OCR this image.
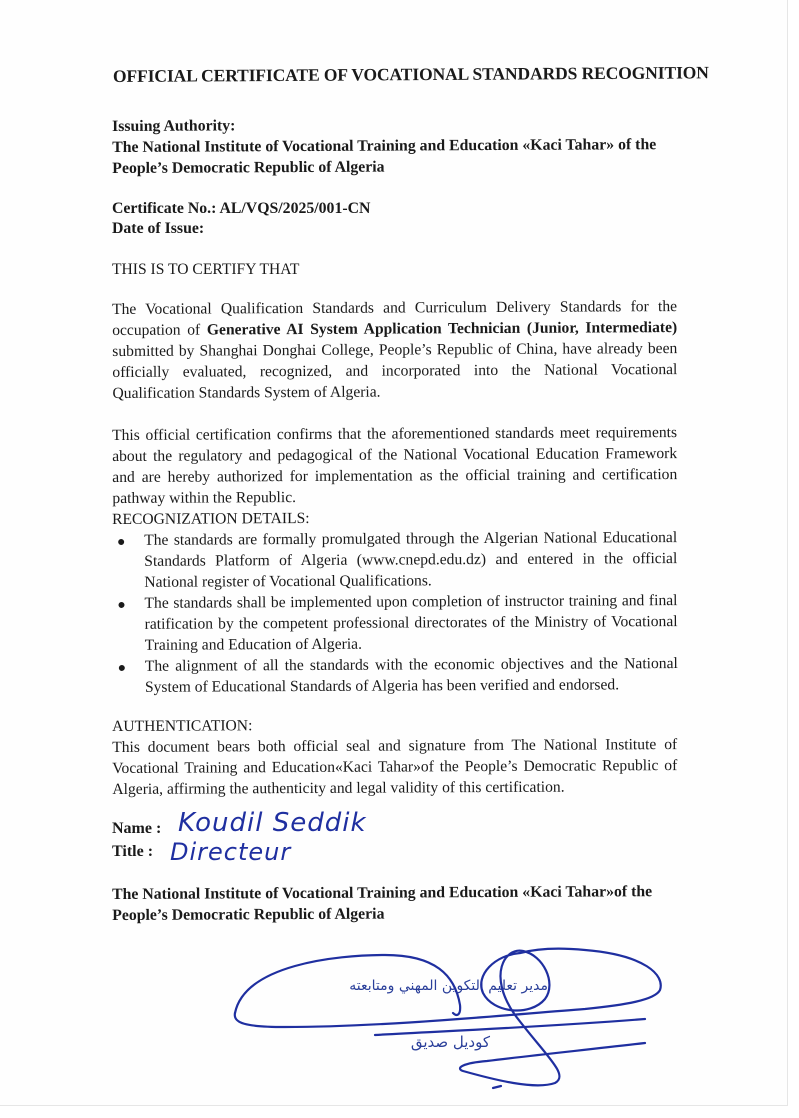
OFFICIAL CERTIFICATE OF VOCATIONAL STANDARDS RECOGNITION
Issuing Authority:
The National Institute of Vocational Training and Education «Kaci Tahar» of the
People’s Democratic Republic of Algeria
Certificate No.: AL/VQS/2025/001-CN
Date of Issue:
THIS IS TO CERTIFY THAT
The Vocational Qualification Standards and Curriculum Delivery Standards for the occupation of Generative AI System Application Technician (Junior, Intermediate) submitted by Shanghai Donghai College, People’s Republic of China, have already been officially evaluated, recognized, and incorporated into the National Vocational Qualification Standards System of Algeria.
This official certification confirms that the aforementioned standards meet requirements about the regulatory and pedagogical of the National Vocational Education Framework and are hereby authorized for implementation as the official training and certification pathway within the Republic.
RECOGNIZATION DETAILS:
The standards are formally promulgated through the Algerian National Educational Standards Platform of Algeria (www.cnepd.edu.dz) and entered in the official National register of Vocational Qualifications.
The standards shall be implemented upon completion of instructor training and final ratification by the competent professional directorates of the Ministry of Vocational Training and Education of Algeria.
The alignment of all the standards with the economic objectives and the National System of Educational Standards of Algeria has been verified and endorsed.
AUTHENTICATION:
This document bears both official seal and signature from The National Institute of Vocational Training and Education«Kaci Tahar»of the People’s Democratic Republic of Algeria, affirming the authenticity and legal validity of this certification.
Name : Koudil Seddik
Title : Directeur
The National Institute of Vocational Training and Education «Kaci Tahar»of the
People’s Democratic Republic of Algeria
مدير تعليم التكوين المهني ومتابعته
كوديل صديق
